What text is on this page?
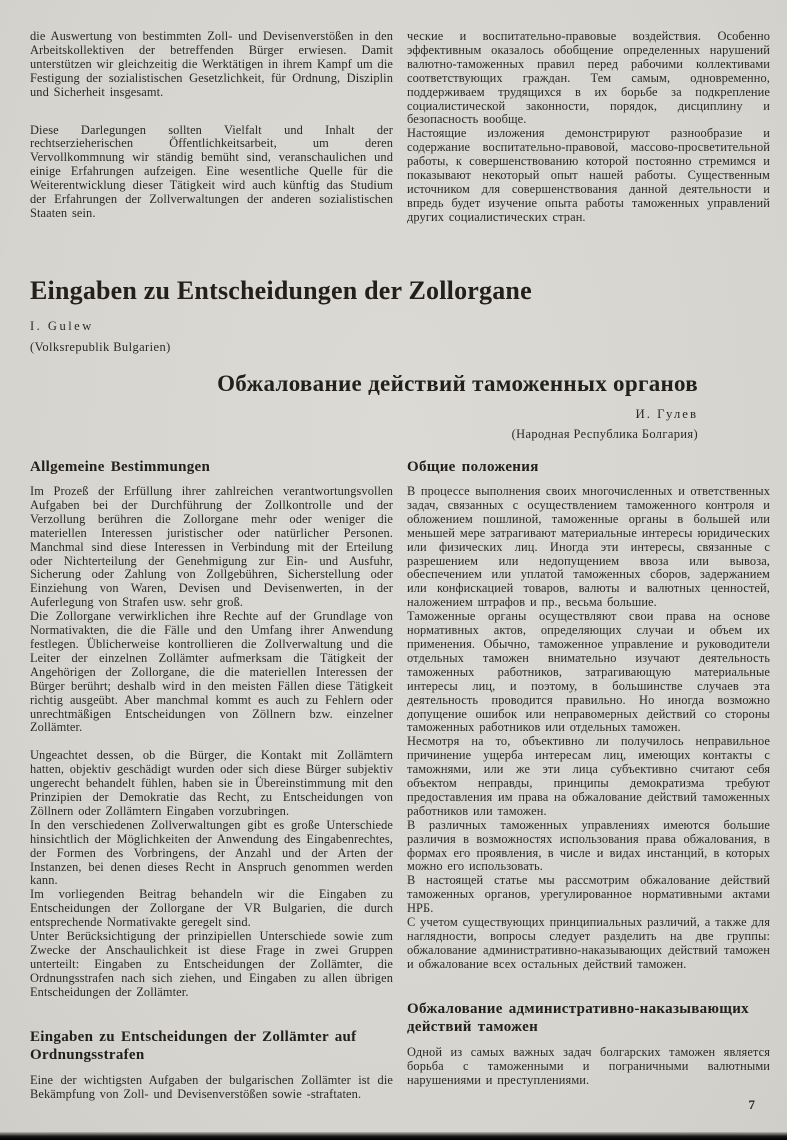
die Auswertung von bestimmten Zoll- und Devisenverstößen in den Arbeitskollektiven der betreffenden Bürger erwiesen. Damit unterstützen wir gleichzeitig die Werktätigen in ihrem Kampf um die Festigung der sozialistischen Gesetzlichkeit, für Ordnung, Disziplin und Sicherheit insgesamt.

Diese Darlegungen sollten Vielfalt und Inhalt der rechtserzieherischen Öffentlichkeitsarbeit, um deren Vervollkommnung wir ständig bemüht sind, veranschaulichen und einige Erfahrungen aufzeigen. Eine wesentliche Quelle für die Weiterentwicklung dieser Tätigkeit wird auch künftig das Studium der Erfahrungen der Zollverwaltungen der anderen sozialistischen Staaten sein.

ческие и воспитательно-правовые воздействия. Особенно эффективным оказалось обобщение определенных нарушений валютно-таможенных правил перед рабочими коллективами соответствующих граждан. Тем самым, одновременно, поддерживаем трудящихся в их борьбе за подкрепление социалистической законности, порядок, дисциплину и безопасность вообще.

Настоящие изложения демонстрируют разнообразие и содержание воспитательно-правовой, массово-просветительной работы, к совершенствованию которой постоянно стремимся и показывают некоторый опыт нашей работы. Существенным источником для совершенствования данной деятельности и впредь будет изучение опыта работы таможенных управлений других социалистических стран.

Eingaben zu Entscheidungen der Zollorgane
I. Gulew
(Volksrepublik Bulgarien)
Обжалование действий таможенных органов
И. Гулев
(Народная Республика Болгария)
Allgemeine Bestimmungen

Im Prozeß der Erfüllung ihrer zahlreichen verantwortungsvollen Aufgaben bei der Durchführung der Zollkontrolle und der Verzollung berühren die Zollorgane mehr oder weniger die materiellen Interessen juristischer oder natürlicher Personen. Manchmal sind diese Interessen in Verbindung mit der Erteilung oder Nichterteilung der Genehmigung zur Ein- und Ausfuhr, Sicherung oder Zahlung von Zollgebühren, Sicherstellung oder Einziehung von Waren, Devisen und Devisenwerten, in der Auferlegung von Strafen usw. sehr groß.

Die Zollorgane verwirklichen ihre Rechte auf der Grundlage von Normativakten, die die Fälle und den Umfang ihrer Anwendung festlegen. Üblicherweise kontrollieren die Zollverwaltung und die Leiter der einzelnen Zollämter aufmerksam die Tätigkeit der Angehörigen der Zollorgane, die die materiellen Interessen der Bürger berührt; deshalb wird in den meisten Fällen diese Tätigkeit richtig ausgeübt. Aber manchmal kommt es auch zu Fehlern oder unrechtmäßigen Entscheidungen von Zöllnern bzw. einzelner Zollämter.

Ungeachtet dessen, ob die Bürger, die Kontakt mit Zollämtern hatten, objektiv geschädigt wurden oder sich diese Bürger subjektiv ungerecht behandelt fühlen, haben sie in Übereinstimmung mit den Prinzipien der Demokratie das Recht, zu Entscheidungen von Zöllnern oder Zollämtern Eingaben vorzubringen.

In den verschiedenen Zollverwaltungen gibt es große Unterschiede hinsichtlich der Möglichkeiten der Anwendung des Eingabenrechtes, der Formen des Vorbringens, der Anzahl und der Arten der Instanzen, bei denen dieses Recht in Anspruch genommen werden kann.

Im vorliegenden Beitrag behandeln wir die Eingaben zu Entscheidungen der Zollorgane der VR Bulgarien, die durch entsprechende Normativakte geregelt sind.

Unter Berücksichtigung der prinzipiellen Unterschiede sowie zum Zwecke der Anschaulichkeit ist diese Frage in zwei Gruppen unterteilt: Eingaben zu Entscheidungen der Zollämter, die Ordnungsstrafen nach sich ziehen, und Eingaben zu allen übrigen Entscheidungen der Zollämter.

Eingaben zu Entscheidungen der Zollämter auf Ordnungsstrafen

Eine der wichtigsten Aufgaben der bulgarischen Zollämter ist die Bekämpfung von Zoll- und Devisenverstößen sowie -straftaten.

Общие положения

В процессе выполнения своих многочисленных и ответственных задач, связанных с осуществлением таможенного контроля и обложением пошлиной, таможенные органы в большей или меньшей мере затрагивают материальные интересы юридических или физических лиц. Иногда эти интересы, связанные с разрешением или недопущением ввоза или вывоза, обеспечением или уплатой таможенных сборов, задержанием или конфискацией товаров, валюты и валютных ценностей, наложением штрафов и пр., весьма большие.

Таможенные органы осуществляют свои права на основе нормативных актов, определяющих случаи и объем их применения. Обычно, таможенное управление и руководители отдельных таможен внимательно изучают деятельность таможенных работников, затрагивающую материальные интересы лиц, и поэтому, в большинстве случаев эта деятельность проводится правильно. Но иногда возможно допущение ошибок или неправомерных действий со стороны таможенных работников или отдельных таможен.

Несмотря на то, объективно ли получилось неправильное причинение ущерба интересам лиц, имеющих контакты с таможнями, или же эти лица субъективно считают себя объектом неправды, принципы демократизма требуют предоставления им права на обжалование действий таможенных работников или таможен.

В различных таможенных управлениях имеются большие различия в возможностях использования права обжалования, в формах его проявления, в числе и видах инстанций, в которых можно его использовать.

В настоящей статье мы рассмотрим обжалование действий таможенных органов, урегулированное нормативными актами НРБ.

С учетом существующих принципиальных различий, а также для наглядности, вопросы следует разделить на две группы: обжалование административно-наказывающих действий таможен и обжалование всех остальных действий таможен.

Обжалование административно-наказывающих действий таможен

Одной из самых важных задач болгарских таможен является борьба с таможенными и пограничными валютными нарушениями и преступлениями.

7
